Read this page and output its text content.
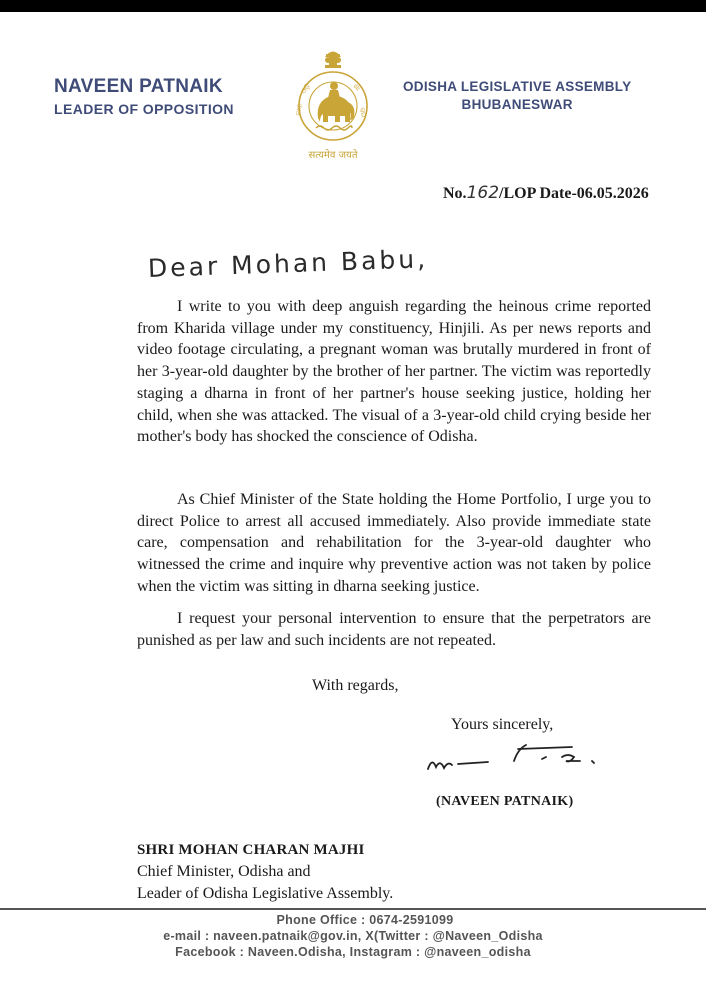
NAVEEN PATNAIK
LEADER OF OPPOSITION
ଓଡ଼ି	ଶା
ସର
କାର
सत्यमेव जयते
ODISHA LEGISLATIVE ASSEMBLY
BHUBANESWAR
No.162/LOP Date-06.05.2026
Dear Mohan Babu,

I write to you with deep anguish regarding the heinous crime reported from Kharida village under my constituency, Hinjili. As per news reports and video footage circulating, a pregnant woman was brutally murdered in front of her 3-year-old daughter by the brother of her partner. The victim was reportedly staging a dharna in front of her partner's house seeking justice, holding her child, when she was attacked. The visual of a 3-year-old child crying beside her mother's body has shocked the conscience of Odisha.

As Chief Minister of the State holding the Home Portfolio, I urge you to direct Police to arrest all accused immediately. Also provide immediate state care, compensation and rehabilitation for the 3-year-old daughter who witnessed the crime and inquire why preventive action was not taken by police when the victim was sitting in dharna seeking justice.

I request your personal intervention to ensure that the perpetrators are punished as per law and such incidents are not repeated.

With regards,
Yours sincerely,
(NAVEEN PATNAIK)
SHRI MOHAN CHARAN MAJHI
Chief Minister, Odisha and
Leader of Odisha Legislative Assembly.
Phone Office : 0674-2591099
e-mail : naveen.patnaik@gov.in, X(Twitter : @Naveen_Odisha
Facebook : Naveen.Odisha, Instagram : @naveen_odisha
